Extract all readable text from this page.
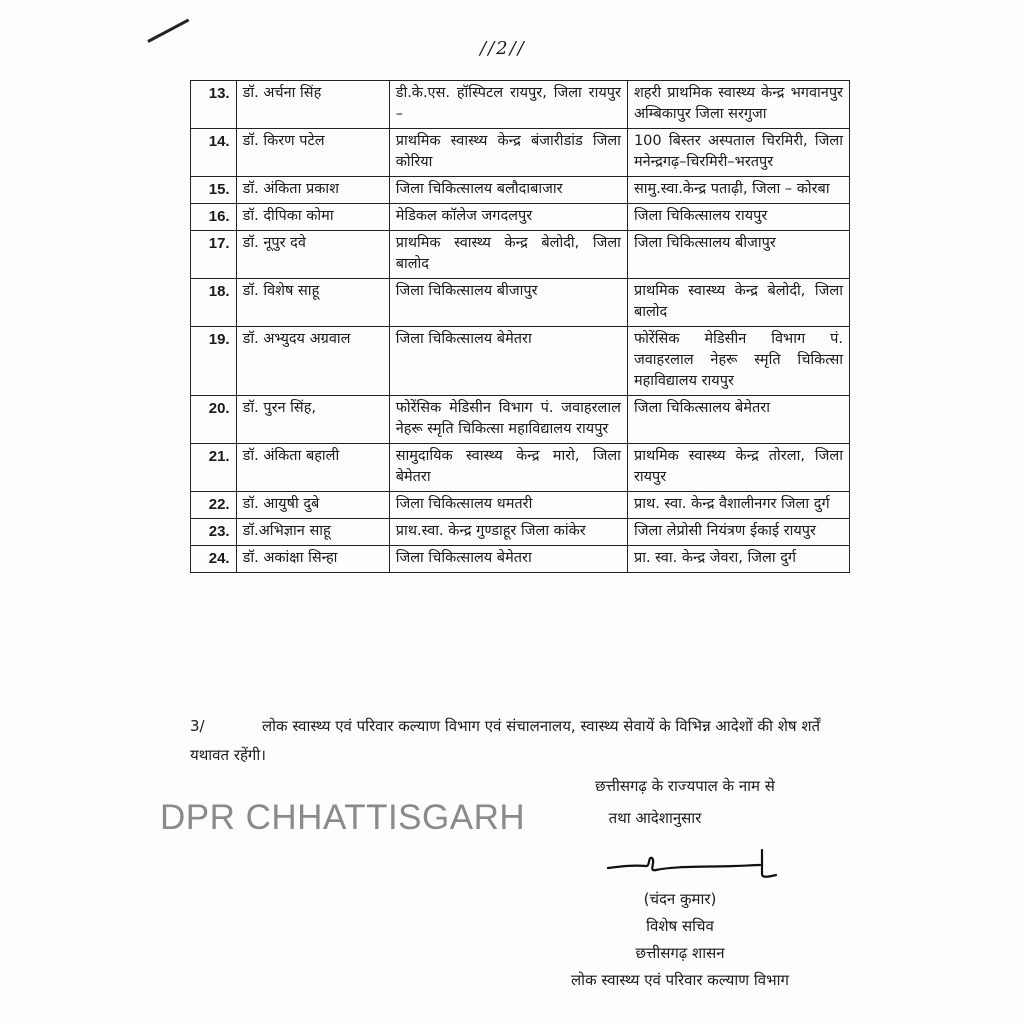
//2//
13.	डॉ. अर्चना सिंह	डी.के.एस. हॉस्पिटल रायपुर, जिला रायपुर –	शहरी प्राथमिक स्वास्थ्य केन्द्र भगवानपुर अम्बिकापुर जिला सरगुजा
14.	डॉ. किरण पटेल	प्राथमिक स्वास्थ्य केन्द्र बंजारीडांड जिला कोरिया	100 बिस्तर अस्पताल चिरमिरी, जिला मनेन्द्रगढ़–चिरमिरी–भरतपुर
15.	डॉ. अंकिता प्रकाश	जिला चिकित्सालय बलौदाबाजार	सामु.स्वा.केन्द्र पताढ़ी, जिला – कोरबा
16.	डॉ. दीपिका कोमा	मेडिकल कॉलेज जगदलपुर	जिला चिकित्सालय रायपुर
17.	डॉ. नूपुर दवे	प्राथमिक स्वास्थ्य केन्द्र बेलोदी, जिला बालोद	जिला चिकित्सालय बीजापुर
18.	डॉ. विशेष साहू	जिला चिकित्सालय बीजापुर	प्राथमिक स्वास्थ्य केन्द्र बेलोदी, जिला बालोद
19.	डॉ. अभ्युदय अग्रवाल	जिला चिकित्सालय बेमेतरा	फोरेंसिक मेडिसीन विभाग पं. जवाहरलाल नेहरू स्मृति चिकित्सा महाविद्यालय रायपुर
20.	डॉ. पुरन सिंह,	फोरेंसिक मेडिसीन विभाग पं. जवाहरलाल नेहरू स्मृति चिकित्सा महाविद्यालय रायपुर	जिला चिकित्सालय बेमेतरा
21.	डॉ. अंकिता बहाली	सामुदायिक स्वास्थ्य केन्द्र मारो, जिला बेमेतरा	प्राथमिक स्वास्थ्य केन्द्र तोरला, जिला रायपुर
22.	डॉ. आयुषी दुबे	जिला चिकित्सालय धमतरी	प्राथ. स्वा. केन्द्र वैशालीनगर जिला दुर्ग
23.	डॉ.अभिज्ञान साहू	प्राथ.स्वा. केन्द्र गुण्डाहूर जिला कांकेर	जिला लेप्रोसी नियंत्रण ईकाई रायपुर
24.	डॉ. अकांक्षा सिन्हा	जिला चिकित्सालय बेमेतरा	प्रा. स्वा. केन्द्र जेवरा, जिला दुर्ग
3/	लोक स्वास्थ्य एवं परिवार कल्याण विभाग एवं संचालनालय, स्वास्थ्य सेवायें के विभिन्न आदेशों की शेष शर्तें यथावत रहेंगी।
DPR CHHATTISGARH
छत्तीसगढ़ के राज्यपाल के नाम से
तथा आदेशानुसार
(चंदन कुमार)
विशेष सचिव
छत्तीसगढ़ शासन
लोक स्वास्थ्य एवं परिवार कल्याण विभाग
